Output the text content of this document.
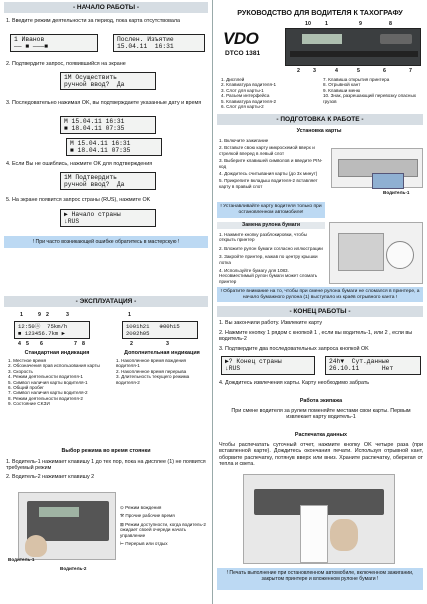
- НАЧАЛО РАБОТЫ -
1. Введите режим деятельности за период, пока карта отсутствовала
1 Иванов
—— ■ ———■
Послен. Изъятие
15.04.11  16:31
2. Подтвердите запрос, появившийся на экране
1M Осуществить
ручной ввод?  Да
3. Последовательно нажимая OK, вы подтверждаете указанные дату и время
M 15.04.11 16:31
■ 18.04.11 07:35
M 15.04.11 16:31
■ 18.04.11 07:35
4. Если Вы не ошиблись, нажмите OK для подтверждения
1M Подтвердить
ручной ввод?  Да
5. На экране появится запрос страны (RUS), нажмите OK
▶ Начало страны
↓RUS
! При часто возникающей ошибке обратитесь в мастерскую !
- ЭКСПЛУАТАЦИЯ -
1	9 2	3
12:50ⓐ  75km/h
■ 123456.7km ▶
4 5 6	7 8
1
1⊙01h21   ⊕00h15
2⊙02h05
2	3
Стандартная индикация
1. Местное время
2. Обозначения прав использования карты
3. Скорость
4. Режим деятельности водителя-1
5. Символ наличия карты водителя-1
6. Общий пробег
7. Символ наличия карты водителя-2
8. Режим деятельности водителя-2
9. Состояние CKЗИ
Дополнительная индикация
1. Накопленное время вождения водителя-1
2. Накопленное время перерыва
3. Длительность текущего режима водителя-2
Выбор режима во время стоянки
1. Водитель-1 нажимает клавишу 1 до тех пор, пока на дисплее (1) не появится требуемый режим
2. Водитель-2 нажимает клавишу 2
Водитель-1
Водитель-2
⊙ Режим вождения
⚒ Прочие рабочие время
⊠ Режим доступности, когда водитель-2 ожидает своей очереди начать управление
⊢ Перерыв или отдых
РУКОВОДСТВО ДЛЯ ВОДИТЕЛЯ К ТАХОГРАФУ
VDO
DTCO 1381
10	1	9	8
2 3	4	5	6	7
1. Дисплей
2. Клавиатура водителя-1
3. Слот для карты-1
4. Разъем интерфейса
5. Клавиатура водителя-2
6. Слот для карты-2
7. Клавиша открытия принтера
8. Отрывной кант
9. Клавиши меню
10. Знак, разрешающий перевозку опасных грузов
- ПОДГОТОВКА К РАБОТЕ -
Установка карты
1. Включите зажигание
2. Вставьте свою карту микросхемой вверх и стрелкой вперед в левый слот
3. Выберите клавишей символов и введите PIN-код
4. Дождитесь считывания карты (до 3х минут)
5. Прикрепите вкладыш водителя-2 вставляет карту в правый слот
Водитель-1
! Устанавливайте карту водителя только при остановленном автомобиле!
Замена рулона бумаги
1. Нажмите кнопку разблокировки, чтобы открыть принтер
2. Вложите рулон бумаги согласно иллюстрации
3. Закройте принтер, нажав по центру крышки лотка
4. Используйте бумагу для 1083. Несовместимый рулон бумаги может сломать принтер
! Обратите внимание на то, чтобы при смене рулона бумаги не сломался в принтере, а начало бумажного рулона (1) выступало из краёв отрывного канта !
- КОНЕЦ РАБОТЫ -
1. Вы закончили работу. Извлеките карту
2. Нажмите кнопку 1 рядом с кнопкой 1 , если вы водитель-1, или 2 , если вы водитель-2
3. Подтвердите два последовательных запроса кнопкой OK
▶? Конец страны
↓RUS
24h▼  Сут.данные
26.10.11      Нет
4. Дождитесь извлечения карты. Карту необходимо забрать
Работа экипажа
При смене водителя за рулем поменяйте местами свои карты. Первым извлекает карту водитель-1
Распечатка данных
Чтобы распечатать суточный отчет, нажмите кнопку OK четыре раза (при вставленной карте). Дождитесь окончания печати. Используя отрывной кант, оборвите распечатку, потянув вверх или вниз. Храните распечатку, оберегая от тепла и света.
! Печать выполнение при остановленном автомобиле, включенном зажигании, закрытом принтере и вложенном рулоне бумаги !
